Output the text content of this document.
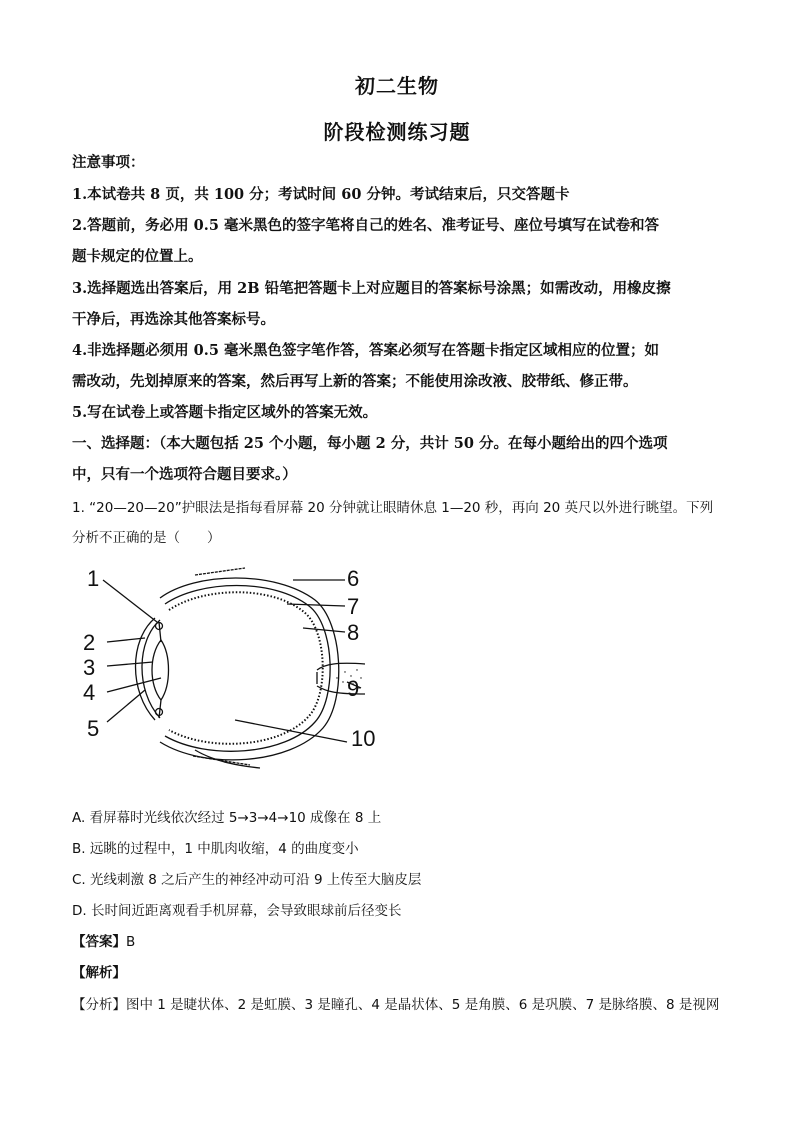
初二生物
阶段检测练习题
注意事项：
1.本试卷共 8 页，共 100 分；考试时间 60 分钟。考试结束后，只交答题卡
2.答题前，务必用 0.5 毫米黑色的签字笔将自己的姓名、准考证号、座位号填写在试卷和答
题卡规定的位置上。
3.选择题选出答案后，用 2B 铅笔把答题卡上对应题目的答案标号涂黑；如需改动，用橡皮擦
干净后，再选涂其他答案标号。
4.非选择题必须用 0.5 毫米黑色签字笔作答，答案必须写在答题卡指定区域相应的位置；如
需改动，先划掉原来的答案，然后再写上新的答案；不能使用涂改液、胶带纸、修正带。
5.写在试卷上或答题卡指定区域外的答案无效。
一、选择题：（本大题包括 25 个小题，每小题 2 分，共计 50 分。在每小题给出的四个选项
中，只有一个选项符合题目要求。）
1. “20—20—20”护眼法是指每看屏幕 20 分钟就让眼睛休息 1—20 秒，再向 20 英尺以外进行眺望。下列
分析不正确的是（　　）
1
2
3
4
5
6
7
8
9
10
A. 看屏幕时光线依次经过 5→3→4→10 成像在 8 上
B. 远眺的过程中，1 中肌肉收缩，4 的曲度变小
C. 光线刺激 8 之后产生的神经冲动可沿 9 上传至大脑皮层
D. 长时间近距离观看手机屏幕，会导致眼球前后径变长
【答案】B
【解析】
【分析】图中 1 是睫状体、2 是虹膜、3 是瞳孔、4 是晶状体、5 是角膜、6 是巩膜、7 是脉络膜、8 是视网
